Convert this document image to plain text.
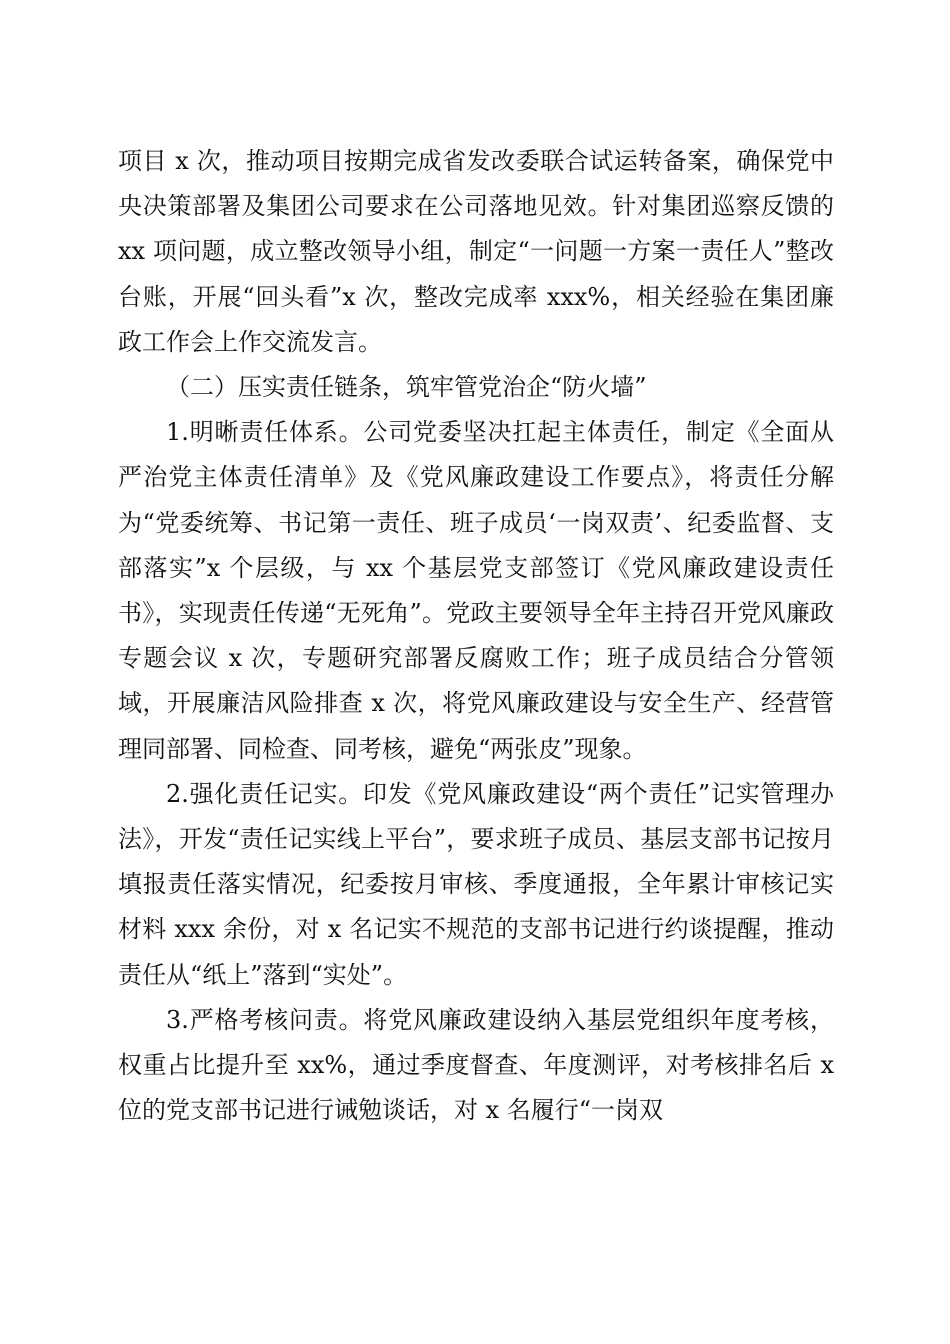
项目 x 次，推动项目按期完成省发改委联合试运转备案，确保党中央决策部署及集团公司要求在公司落地见效。针对集团巡察反馈的 xx 项问题，成立整改领导小组，制定“一问题一方案一责任人”整改台账，开展“回头看”x 次，整改完成率 xxx%，相关经验在集团廉政工作会上作交流发言。

（二）压实责任链条，筑牢管党治企“防火墙”

1.明晰责任体系。公司党委坚决扛起主体责任，制定《全面从严治党主体责任清单》及《党风廉政建设工作要点》，将责任分解为“党委统筹、书记第一责任、班子成员‘一岗双责’、纪委监督、支部落实”x 个层级，与 xx 个基层党支部签订《党风廉政建设责任书》，实现责任传递“无死角”。党政主要领导全年主持召开党风廉政专题会议 x 次，专题研究部署反腐败工作；班子成员结合分管领域，开展廉洁风险排查 x 次，将党风廉政建设与安全生产、经营管理同部署、同检查、同考核，避免“两张皮”现象。

2.强化责任记实。印发《党风廉政建设“两个责任”记实管理办法》，开发“责任记实线上平台”，要求班子成员、基层支部书记按月填报责任落实情况，纪委按月审核、季度通报，全年累计审核记实材料 xxx 余份，对 x 名记实不规范的支部书记进行约谈提醒，推动责任从“纸上”落到“实处”。

3.严格考核问责。将党风廉政建设纳入基层党组织年度考核，权重占比提升至 xx%，通过季度督查、年度测评，对考核排名后 x 位的党支部书记进行诫勉谈话，对 x 名履行“一岗双
